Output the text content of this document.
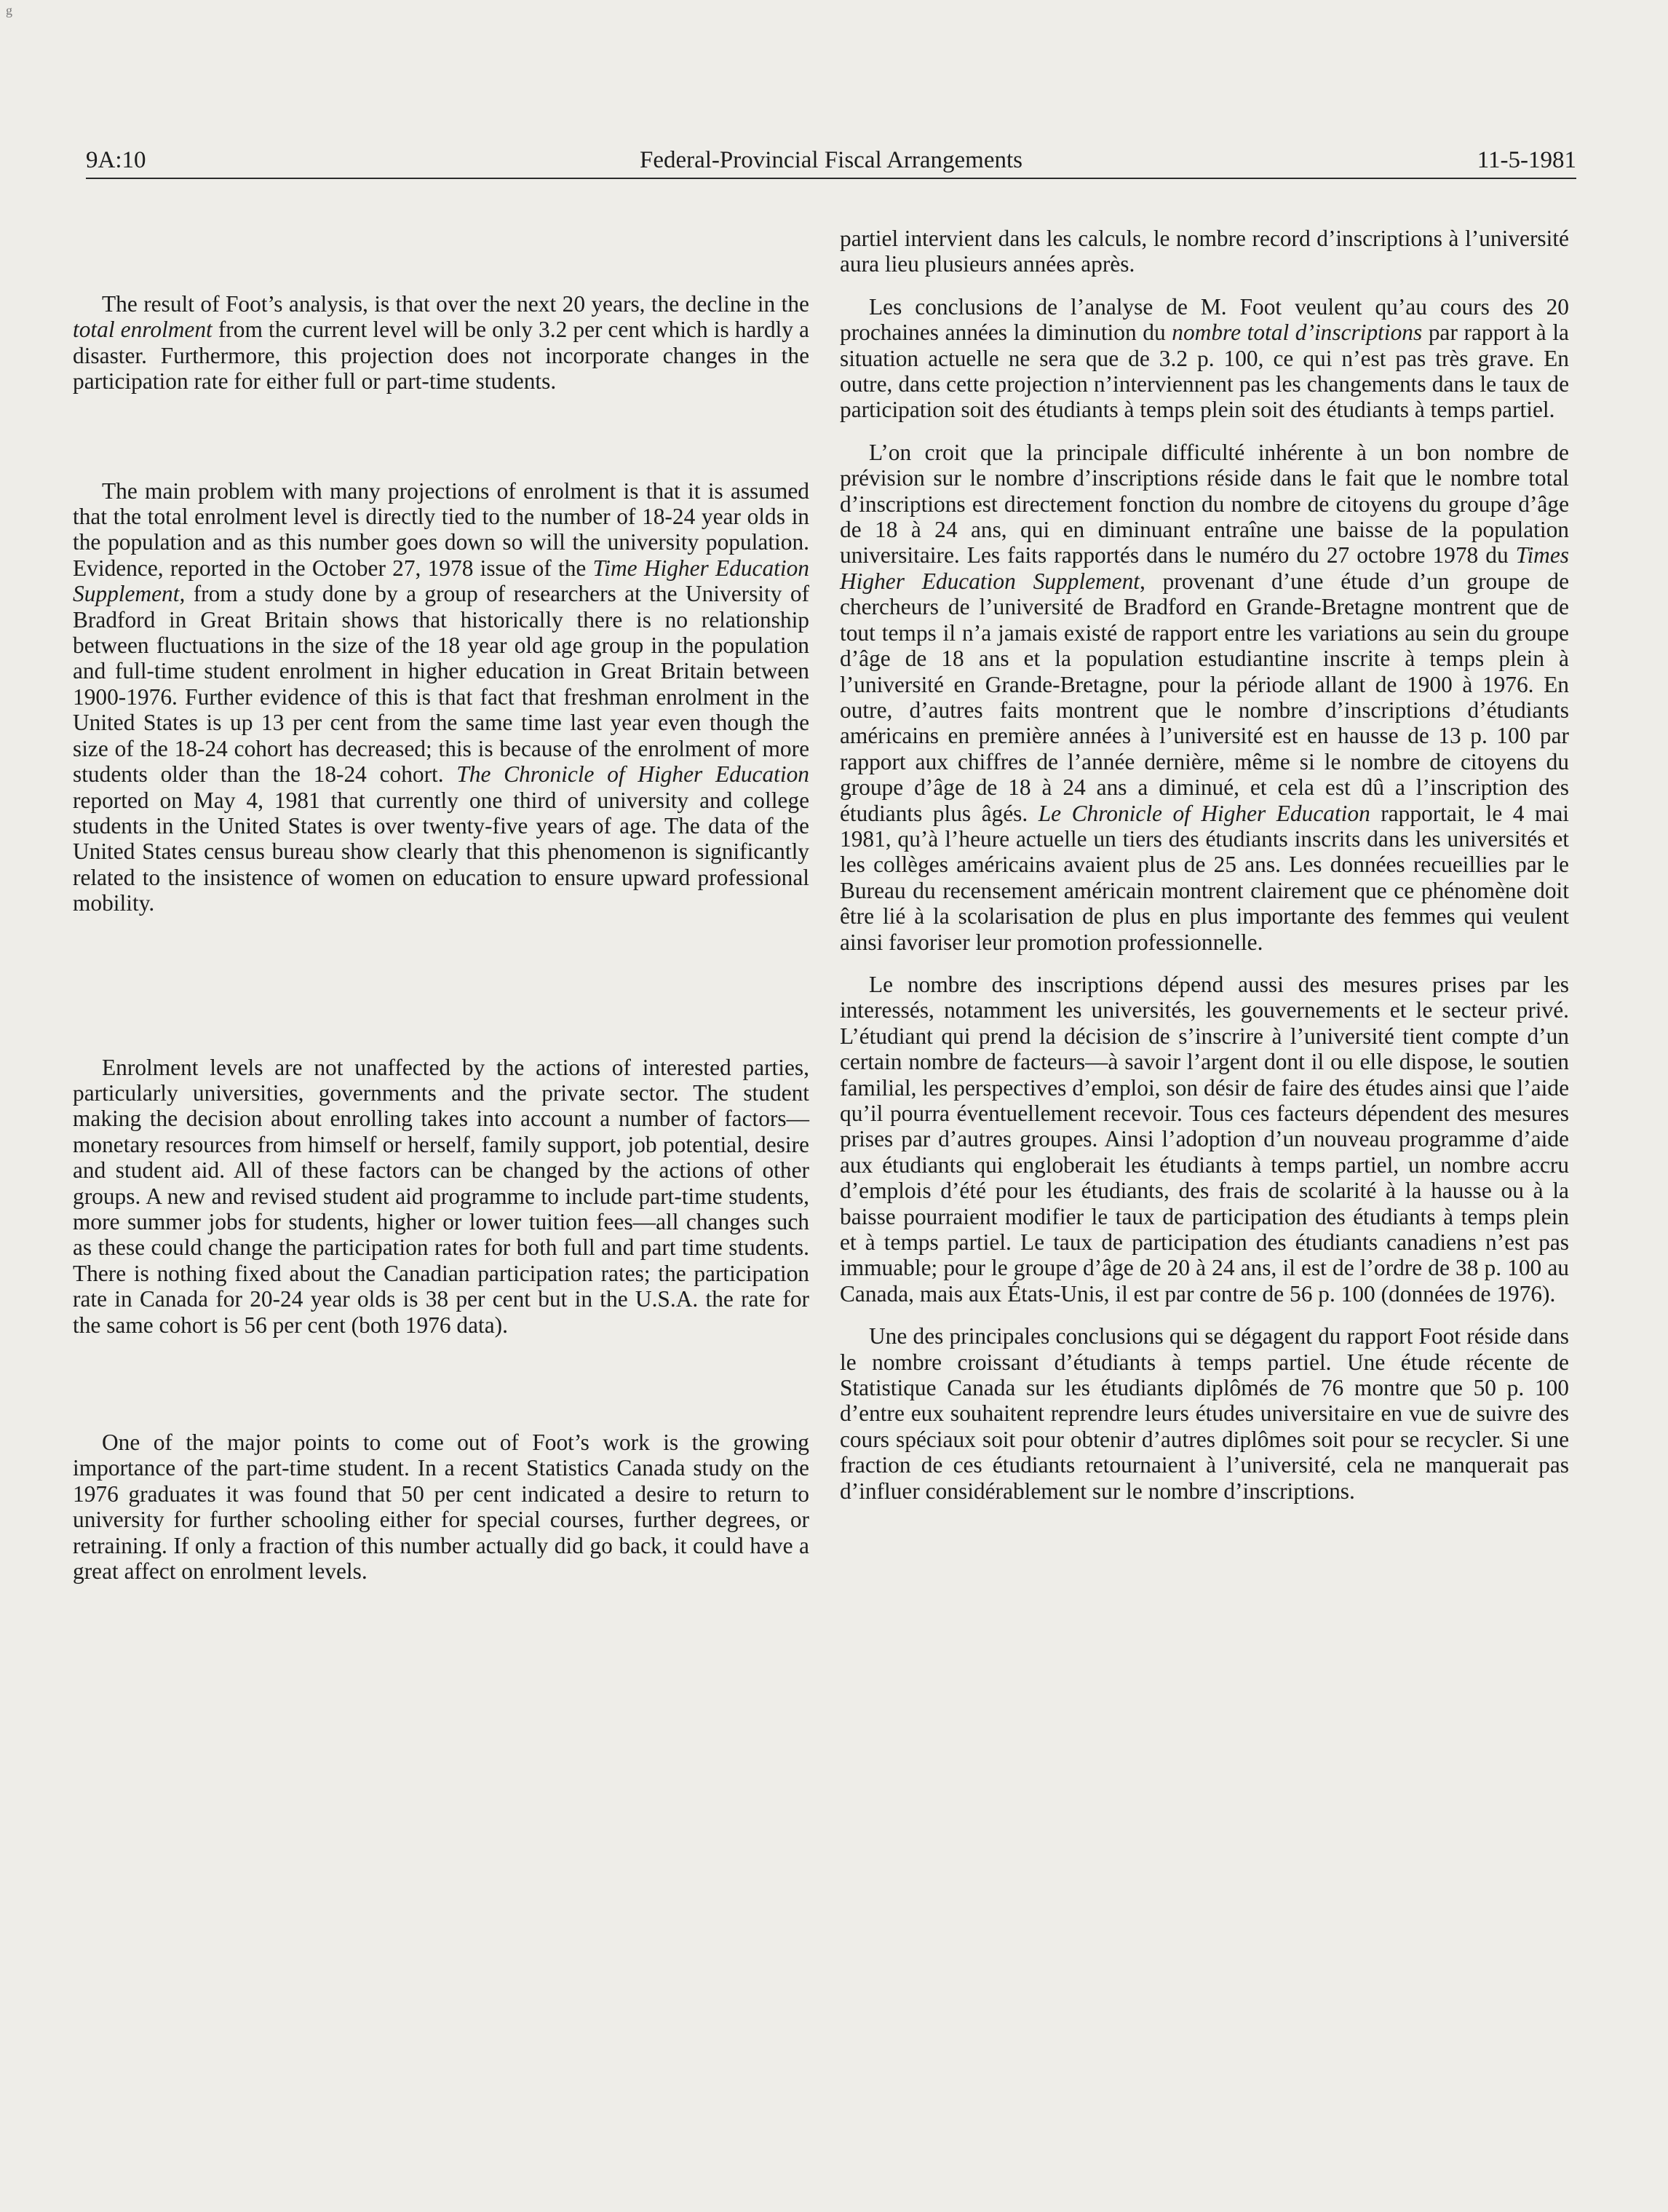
g
9A:10	Federal-Provincial Fiscal Arrangements	11-5-1981

The result of Foot’s analysis, is that over the next 20 years, the decline in the total enrolment from the current level will be only 3.2 per cent which is hardly a disaster. Furthermore, this projection does not incorporate changes in the participation rate for either full or part-time students.

The main problem with many projections of enrolment is that it is assumed that the total enrolment level is directly tied to the number of 18-24 year olds in the population and as this number goes down so will the university population. Evidence, reported in the October 27, 1978 issue of the Time Higher Education Supplement, from a study done by a group of researchers at the University of Bradford in Great Britain shows that historically there is no relationship between fluctuations in the size of the 18 year old age group in the population and full-time student enrolment in higher education in Great Britain between 1900-1976. Further evidence of this is that fact that freshman enrolment in the United States is up 13 per cent from the same time last year even though the size of the 18-24 cohort has decreased; this is because of the enrolment of more students older than the 18-24 cohort. The Chronicle of Higher Education reported on May 4, 1981 that currently one third of university and college students in the United States is over twenty-five years of age. The data of the United States census bureau show clearly that this phenomenon is significantly related to the insistence of women on education to ensure upward professional mobility.

Enrolment levels are not unaffected by the actions of interested parties, particularly universities, governments and the private sector. The student making the decision about enrolling takes into account a number of factors—monetary resources from himself or herself, family support, job potential, desire and student aid. All of these factors can be changed by the actions of other groups. A new and revised student aid programme to include part-time students, more summer jobs for students, higher or lower tuition fees—all changes such as these could change the participation rates for both full and part time students. There is nothing fixed about the Canadian participation rates; the participation rate in Canada for 20-24 year olds is 38 per cent but in the U.S.A. the rate for the same cohort is 56 per cent (both 1976 data).

One of the major points to come out of Foot’s work is the growing importance of the part-time student. In a recent Statistics Canada study on the 1976 graduates it was found that 50 per cent indicated a desire to return to university for further schooling either for special courses, further degrees, or retraining. If only a fraction of this number actually did go back, it could have a great affect on enrolment levels.

partiel intervient dans les calculs, le nombre record d’inscriptions à l’université aura lieu plusieurs années après.

Les conclusions de l’analyse de M. Foot veulent qu’au cours des 20 prochaines années la diminution du nombre total d’inscriptions par rapport à la situation actuelle ne sera que de 3.2 p. 100, ce qui n’est pas très grave. En outre, dans cette projection n’interviennent pas les changements dans le taux de participation soit des étudiants à temps plein soit des étudiants à temps partiel.

L’on croit que la principale difficulté inhérente à un bon nombre de prévision sur le nombre d’inscriptions réside dans le fait que le nombre total d’inscriptions est directement fonction du nombre de citoyens du groupe d’âge de 18 à 24 ans, qui en diminuant entraîne une baisse de la population universitaire. Les faits rapportés dans le numéro du 27 octobre 1978 du Times Higher Education Supplement, provenant d’une étude d’un groupe de chercheurs de l’université de Bradford en Grande-Bretagne montrent que de tout temps il n’a jamais existé de rapport entre les variations au sein du groupe d’âge de 18 ans et la population estudiantine inscrite à temps plein à l’université en Grande-Bretagne, pour la période allant de 1900 à 1976. En outre, d’autres faits montrent que le nombre d’inscriptions d’étudiants américains en première années à l’université est en hausse de 13 p. 100 par rapport aux chiffres de l’année dernière, même si le nombre de citoyens du groupe d’âge de 18 à 24 ans a diminué, et cela est dû a l’inscription des étudiants plus âgés. Le Chronicle of Higher Education rapportait, le 4 mai 1981, qu’à l’heure actuelle un tiers des étudiants inscrits dans les universités et les collèges américains avaient plus de 25 ans. Les données recueillies par le Bureau du recensement américain montrent clairement que ce phénomène doit être lié à la scolarisation de plus en plus importante des femmes qui veulent ainsi favoriser leur promotion professionnelle.

Le nombre des inscriptions dépend aussi des mesures prises par les interessés, notamment les universités, les gouvernements et le secteur privé. L’étudiant qui prend la décision de s’inscrire à l’université tient compte d’un certain nombre de facteurs—à savoir l’argent dont il ou elle dispose, le soutien familial, les perspectives d’emploi, son désir de faire des études ainsi que l’aide qu’il pourra éventuellement recevoir. Tous ces facteurs dépendent des mesures prises par d’autres groupes. Ainsi l’adoption d’un nouveau programme d’aide aux étudiants qui engloberait les étudiants à temps partiel, un nombre accru d’emplois d’été pour les étudiants, des frais de scolarité à la hausse ou à la baisse pourraient modifier le taux de participation des étudiants à temps plein et à temps partiel. Le taux de participation des étudiants canadiens n’est pas immuable; pour le groupe d’âge de 20 à 24 ans, il est de l’ordre de 38 p. 100 au Canada, mais aux États-Unis, il est par contre de 56 p. 100 (données de 1976).

Une des principales conclusions qui se dégagent du rapport Foot réside dans le nombre croissant d’étudiants à temps partiel. Une étude récente de Statistique Canada sur les étudiants diplômés de 76 montre que 50 p. 100 d’entre eux souhaitent reprendre leurs études universitaire en vue de suivre des cours spéciaux soit pour obtenir d’autres diplômes soit pour se recycler. Si une fraction de ces étudiants retournaient à l’université, cela ne manquerait pas d’influer considérablement sur le nombre d’inscriptions.
